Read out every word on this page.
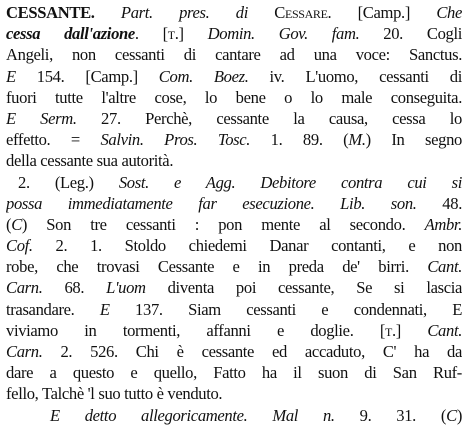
CESSANTE. Part. pres. di Cessare. [Camp.] Che
cessa dall'azione. [t.] Domin. Gov. fam. 20. Cogli
Angeli, non cessanti di cantare ad una voce: Sanctus.
E 154. [Camp.] Com. Boez. iv. L'uomo, cessanti di
fuori tutte l'altre cose, lo bene o lo male conseguita.
E Serm. 27. Perchè, cessante la causa, cessa lo
effetto. = Salvin. Pros. Tosc. 1. 89. (M.) In segno
della cessante sua autorità.
2. (Leg.) Sost. e Agg. Debitore contra cui si
possa immediatamente far esecuzione. Lib. son. 48.
(C) Son tre cessanti : pon mente al secondo. Ambr.
Cof. 2. 1. Stoldo chiedemi Danar contanti, e non
robe, che trovasi Cessante e in preda de' birri. Cant.
Carn. 68. L'uom diventa poi cessante, Se si lascia
trasandare. E 137. Siam cessanti e condennati, E
viviamo in tormenti, affanni e doglie. [t.] Cant.
Carn. 2. 526. Chi è cessante ed accaduto, C' ha da
dare a questo e quello, Fatto ha il suon di San Ruf-
fello, Talchè 'l suo tutto è venduto.
E detto allegoricamente. Mal n. 9. 31. (C)
